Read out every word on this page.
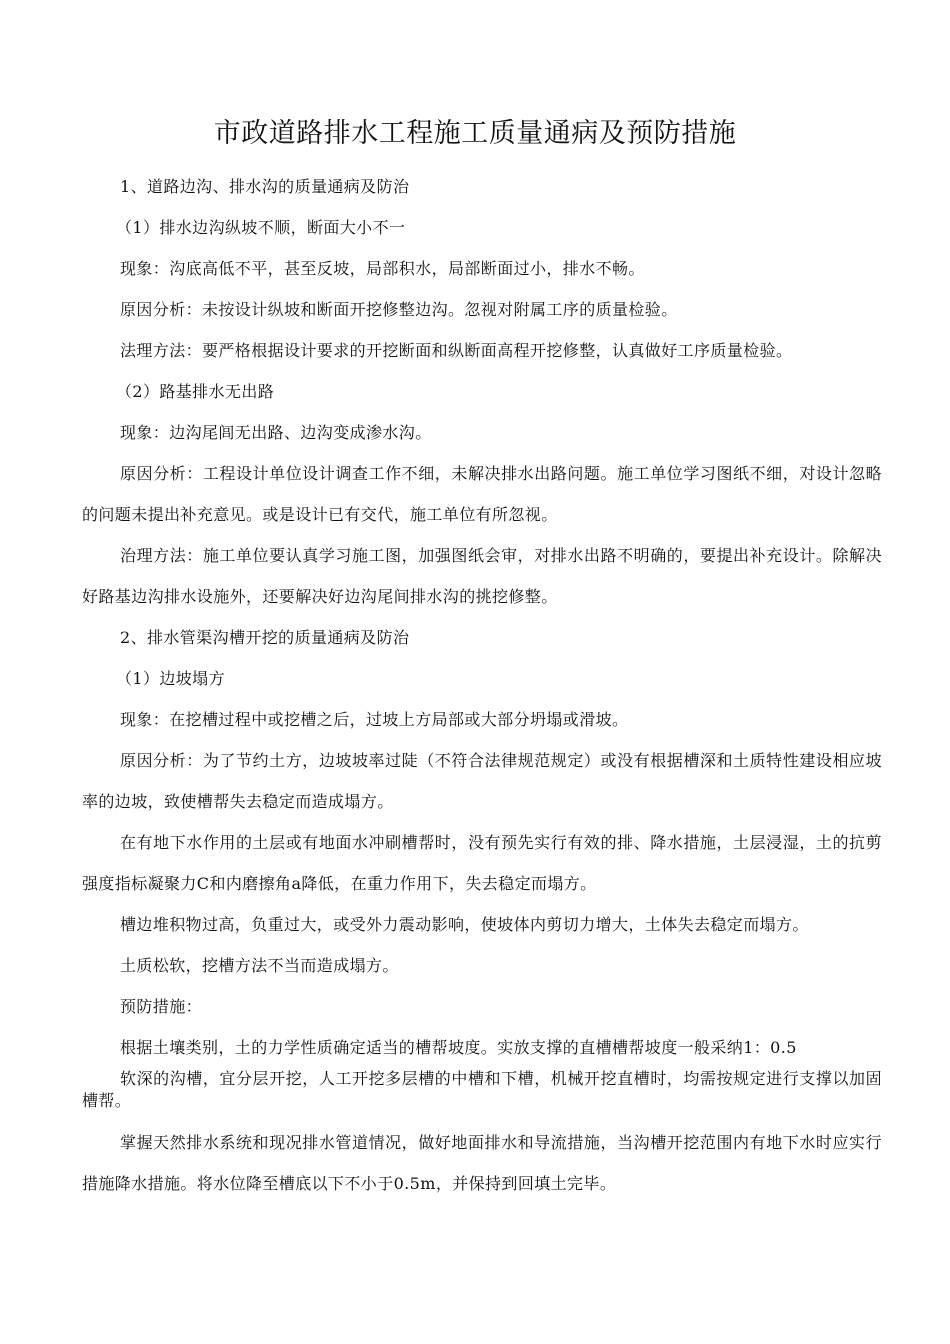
市政道路排水工程施工质量通病及预防措施

1、道路边沟、排水沟的质量通病及防治

（1）排水边沟纵坡不顺，断面大小不一

现象：沟底高低不平，甚至反坡，局部积水，局部断面过小，排水不畅。

原因分析：未按设计纵坡和断面开挖修整边沟。忽视对附属工序的质量检验。

法理方法：要严格根据设计要求的开挖断面和纵断面高程开挖修整，认真做好工序质量检验。

（2）路基排水无出路

现象：边沟尾闾无出路、边沟变成渗水沟。

原因分析：工程设计单位设计调查工作不细，未解决排水出路问题。施工单位学习图纸不细，对设计忽略的问题未提出补充意见。或是设计已有交代，施工单位有所忽视。

治理方法：施工单位要认真学习施工图，加强图纸会审，对排水出路不明确的，要提出补充设计。除解决好路基边沟排水设施外，还要解决好边沟尾间排水沟的挑挖修整。

2、排水管渠沟槽开挖的质量通病及防治

（1）边坡塌方

现象：在挖槽过程中或挖槽之后，过坡上方局部或大部分坍塌或滑坡。

原因分析：为了节约土方，边坡坡率过陡（不符合法律规范规定）或没有根据槽深和土质特性建设相应坡率的边坡，致使槽帮失去稳定而造成塌方。

在有地下水作用的土层或有地面水冲刷槽帮时，没有预先实行有效的排、降水措施，土层浸湿，土的抗剪强度指标凝聚力C和内磨擦角a降低，在重力作用下，失去稳定而塌方。

槽边堆积物过高，负重过大，或受外力震动影响，使坡体内剪切力增大，土体失去稳定而塌方。

土质松软，挖槽方法不当而造成塌方。

预防措施：

根据土壤类别，土的力学性质确定适当的槽帮坡度。实放支撑的直槽槽帮坡度一般采纳1：0.5

软深的沟槽，宜分层开挖，人工开挖多层槽的中槽和下槽，机械开挖直槽时，均需按规定进行支撑以加固槽帮。

掌握天然排水系统和现况排水管道情况，做好地面排水和导流措施，当沟槽开挖范围内有地下水时应实行措施降水措施。将水位降至槽底以下不小于0.5m，并保持到回填土完毕。
